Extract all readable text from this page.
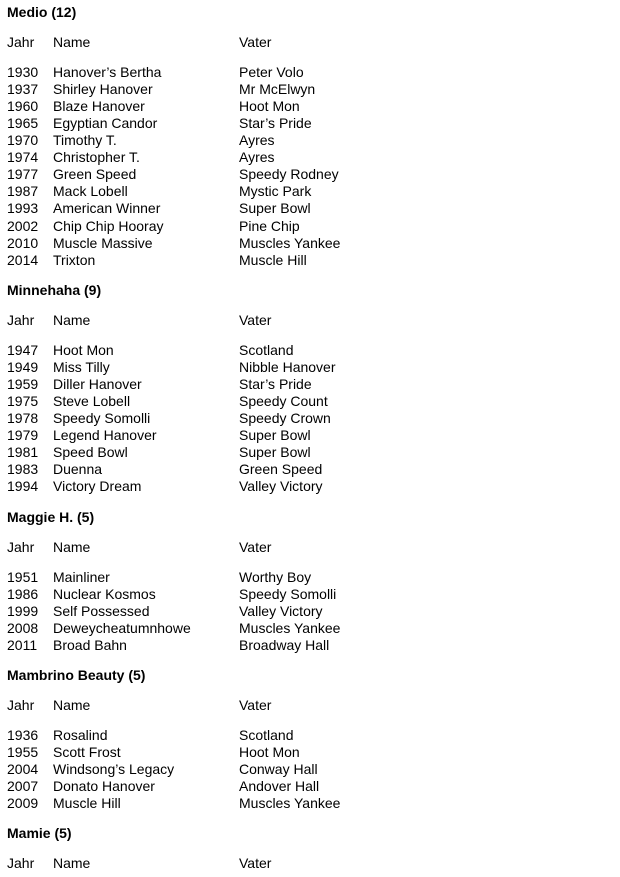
Medio (12)
Jahr Name	Vater
1930 Hanover’s Bertha	Peter Volo
1937 Shirley Hanover	Mr McElwyn
1960 Blaze Hanover	Hoot Mon
1965 Egyptian Candor	Star’s Pride
1970 Timothy T.	Ayres
1974 Christopher T.	Ayres
1977 Green Speed	Speedy Rodney
1987 Mack Lobell	Mystic Park
1993 American Winner	Super Bowl
2002 Chip Chip Hooray	Pine Chip
2010 Muscle Massive	Muscles Yankee
2014 Trixton	Muscle Hill
Minnehaha (9)
Jahr Name	Vater
1947 Hoot Mon	Scotland
1949 Miss Tilly	Nibble Hanover
1959 Diller Hanover	Star’s Pride
1975 Steve Lobell	Speedy Count
1978 Speedy Somolli	Speedy Crown
1979 Legend Hanover	Super Bowl
1981 Speed Bowl	Super Bowl
1983 Duenna	Green Speed
1994 Victory Dream	Valley Victory
Maggie H. (5)
Jahr Name	Vater
1951 Mainliner	Worthy Boy
1986 Nuclear Kosmos	Speedy Somolli
1999 Self Possessed	Valley Victory
2008 Deweycheatumnhowe	Muscles Yankee
2011 Broad Bahn	Broadway Hall
Mambrino Beauty (5)
Jahr Name	Vater
1936 Rosalind	Scotland
1955 Scott Frost	Hoot Mon
2004 Windsong’s Legacy	Conway Hall
2007 Donato Hanover	Andover Hall
2009 Muscle Hill	Muscles Yankee
Mamie (5)
Jahr Name	Vater
